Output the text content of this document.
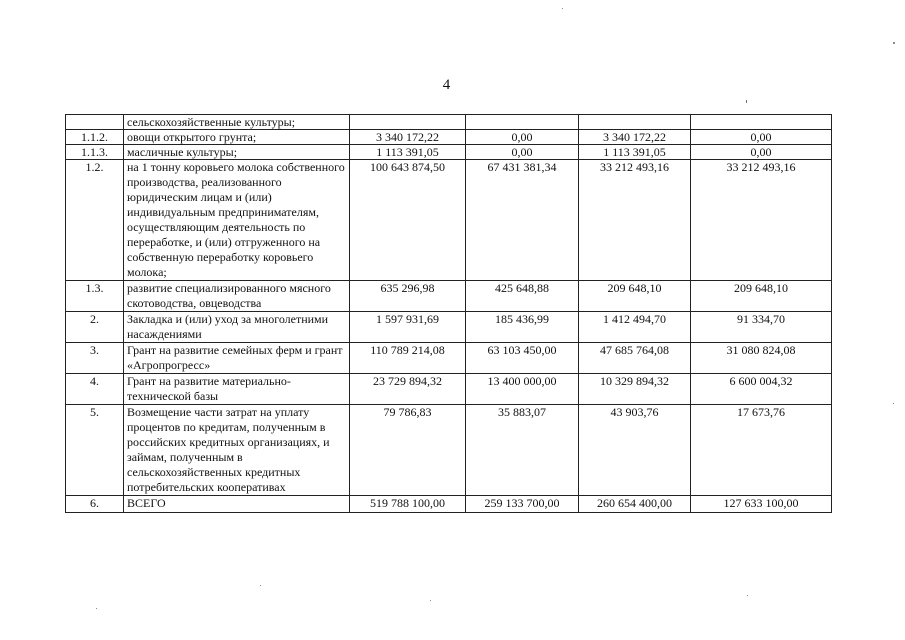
4
	сельскохозяйственные культуры;				
1.1.2.	овощи открытого грунта;	3 340 172,22	0,00	3 340 172,22	0,00
1.1.3.	масличные культуры;	1 113 391,05	0,00	1 113 391,05	0,00
1.2.	на 1 тонну коровьего молока собственного производства, реализованного юридическим лицам и (или) индивидуальным предпринимателям, осуществляющим деятельность по переработке, и (или) отгруженного на собственную переработку коровьего молока;	100 643 874,50	67 431 381,34	33 212 493,16	33 212 493,16
1.3.	развитие специализированного мясного скотоводства, овцеводства	635 296,98	425 648,88	209 648,10	209 648,10
2.	Закладка и (или) уход за многолетними насаждениями	1 597 931,69	185 436,99	1 412 494,70	91 334,70
3.	Грант на развитие семейных ферм и грант «Агропрогресс»	110 789 214,08	63 103 450,00	47 685 764,08	31 080 824,08
4.	Грант на развитие материально-технической базы	23 729 894,32	13 400 000,00	10 329 894,32	6 600 004,32
5.	Возмещение части затрат на уплату процентов по кредитам, полученным в российских кредитных организациях, и займам, полученным в сельскохозяйственных кредитных потребительских кооперативах	79 786,83	35 883,07	43 903,76	17 673,76
6.	ВСЕГО	519 788 100,00	259 133 700,00	260 654 400,00	127 633 100,00
